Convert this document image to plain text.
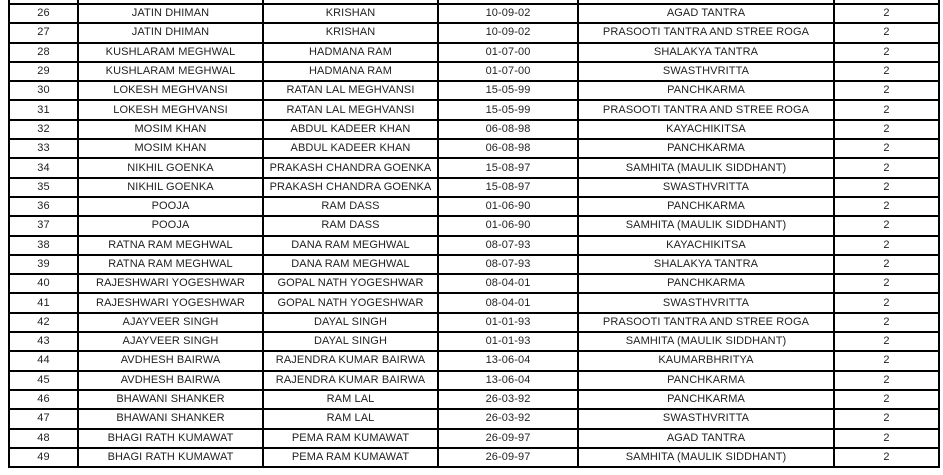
26	JATIN DHIMAN	KRISHAN	10-09-02	AGAD TANTRA	2
27	JATIN DHIMAN	KRISHAN	10-09-02	PRASOOTI TANTRA AND STREE ROGA	2
28	KUSHLARAM MEGHWAL	HADMANA RAM	01-07-00	SHALAKYA TANTRA	2
29	KUSHLARAM MEGHWAL	HADMANA RAM	01-07-00	SWASTHVRITTA	2
30	LOKESH MEGHVANSI	RATAN LAL MEGHVANSI	15-05-99	PANCHKARMA	2
31	LOKESH MEGHVANSI	RATAN LAL MEGHVANSI	15-05-99	PRASOOTI TANTRA AND STREE ROGA	2
32	MOSIM KHAN	ABDUL KADEER KHAN	06-08-98	KAYACHIKITSA	2
33	MOSIM KHAN	ABDUL KADEER KHAN	06-08-98	PANCHKARMA	2
34	NIKHIL GOENKA	PRAKASH CHANDRA GOENKA	15-08-97	SAMHITA (MAULIK SIDDHANT)	2
35	NIKHIL GOENKA	PRAKASH CHANDRA GOENKA	15-08-97	SWASTHVRITTA	2
36	POOJA	RAM DASS	01-06-90	PANCHKARMA	2
37	POOJA	RAM DASS	01-06-90	SAMHITA (MAULIK SIDDHANT)	2
38	RATNA RAM MEGHWAL	DANA RAM MEGHWAL	08-07-93	KAYACHIKITSA	2
39	RATNA RAM MEGHWAL	DANA RAM MEGHWAL	08-07-93	SHALAKYA TANTRA	2
40	RAJESHWARI YOGESHWAR	GOPAL NATH YOGESHWAR	08-04-01	PANCHKARMA	2
41	RAJESHWARI YOGESHWAR	GOPAL NATH YOGESHWAR	08-04-01	SWASTHVRITTA	2
42	AJAYVEER SINGH	DAYAL SINGH	01-01-93	PRASOOTI TANTRA AND STREE ROGA	2
43	AJAYVEER SINGH	DAYAL SINGH	01-01-93	SAMHITA (MAULIK SIDDHANT)	2
44	AVDHESH BAIRWA	RAJENDRA KUMAR BAIRWA	13-06-04	KAUMARBHRITYA	2
45	AVDHESH BAIRWA	RAJENDRA KUMAR BAIRWA	13-06-04	PANCHKARMA	2
46	BHAWANI SHANKER	RAM LAL	26-03-92	PANCHKARMA	2
47	BHAWANI SHANKER	RAM LAL	26-03-92	SWASTHVRITTA	2
48	BHAGI RATH KUMAWAT	PEMA RAM KUMAWAT	26-09-97	AGAD TANTRA	2
49	BHAGI RATH KUMAWAT	PEMA RAM KUMAWAT	26-09-97	SAMHITA (MAULIK SIDDHANT)	2
